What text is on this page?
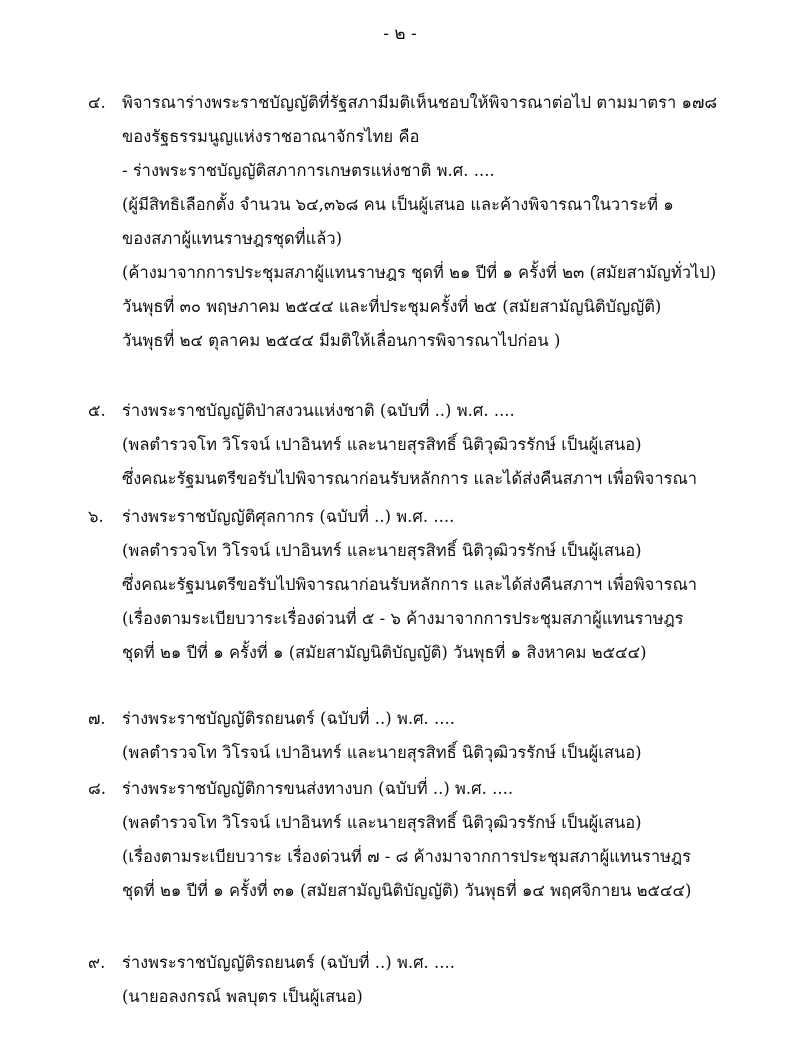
- ๒ -
๔. พิจารณาร่างพระราชบัญญัติที่รัฐสภามีมติเห็นชอบให้พิจารณาต่อไป ตามมาตรา ๑๗๘
ของรัฐธรรมนูญแห่งราชอาณาจักรไทย คือ
- ร่างพระราชบัญญัติสภาการเกษตรแห่งชาติ พ.ศ. ....
(ผู้มีสิทธิเลือกตั้ง จำนวน ๖๔,๓๖๘ คน เป็นผู้เสนอ และค้างพิจารณาในวาระที่ ๑
ของสภาผู้แทนราษฎรชุดที่แล้ว)
(ค้างมาจากการประชุมสภาผู้แทนราษฎร ชุดที่ ๒๑ ปีที่ ๑ ครั้งที่ ๒๓ (สมัยสามัญทั่วไป)
วันพุธที่ ๓๐ พฤษภาคม ๒๕๔๔ และที่ประชุมครั้งที่ ๒๕ (สมัยสามัญนิติบัญญัติ)
วันพุธที่ ๒๔ ตุลาคม ๒๕๔๔ มีมติให้เลื่อนการพิจารณาไปก่อน )
๕. ร่างพระราชบัญญัติป่าสงวนแห่งชาติ (ฉบับที่ ..) พ.ศ. ....
(พลตำรวจโท วิโรจน์ เปาอินทร์ และนายสุรสิทธิ์ นิติวุฒิวรรักษ์ เป็นผู้เสนอ)
ซึ่งคณะรัฐมนตรีขอรับไปพิจารณาก่อนรับหลักการ และได้ส่งคืนสภาฯ เพื่อพิจารณา
๖. ร่างพระราชบัญญัติศุลกากร (ฉบับที่ ..) พ.ศ. ....
(พลตำรวจโท วิโรจน์ เปาอินทร์ และนายสุรสิทธิ์ นิติวุฒิวรรักษ์ เป็นผู้เสนอ)
ซึ่งคณะรัฐมนตรีขอรับไปพิจารณาก่อนรับหลักการ และได้ส่งคืนสภาฯ เพื่อพิจารณา
(เรื่องตามระเบียบวาระเรื่องด่วนที่ ๕ - ๖ ค้างมาจากการประชุมสภาผู้แทนราษฎร
ชุดที่ ๒๑ ปีที่ ๑ ครั้งที่ ๑ (สมัยสามัญนิติบัญญัติ) วันพุธที่ ๑ สิงหาคม ๒๕๔๔)
๗. ร่างพระราชบัญญัติรถยนตร์ (ฉบับที่ ..) พ.ศ. ....
(พลตำรวจโท วิโรจน์ เปาอินทร์ และนายสุรสิทธิ์ นิติวุฒิวรรักษ์ เป็นผู้เสนอ)
๘. ร่างพระราชบัญญัติการขนส่งทางบก (ฉบับที่ ..) พ.ศ. ....
(พลตำรวจโท วิโรจน์ เปาอินทร์ และนายสุรสิทธิ์ นิติวุฒิวรรักษ์ เป็นผู้เสนอ)
(เรื่องตามระเบียบวาระ เรื่องด่วนที่ ๗ - ๘ ค้างมาจากการประชุมสภาผู้แทนราษฎร
ชุดที่ ๒๑ ปีที่ ๑ ครั้งที่ ๓๑ (สมัยสามัญนิติบัญญัติ) วันพุธที่ ๑๔ พฤศจิกายน ๒๕๔๔)
๙. ร่างพระราชบัญญัติรถยนตร์ (ฉบับที่ ..) พ.ศ. ....
(นายอลงกรณ์ พลบุตร เป็นผู้เสนอ)
